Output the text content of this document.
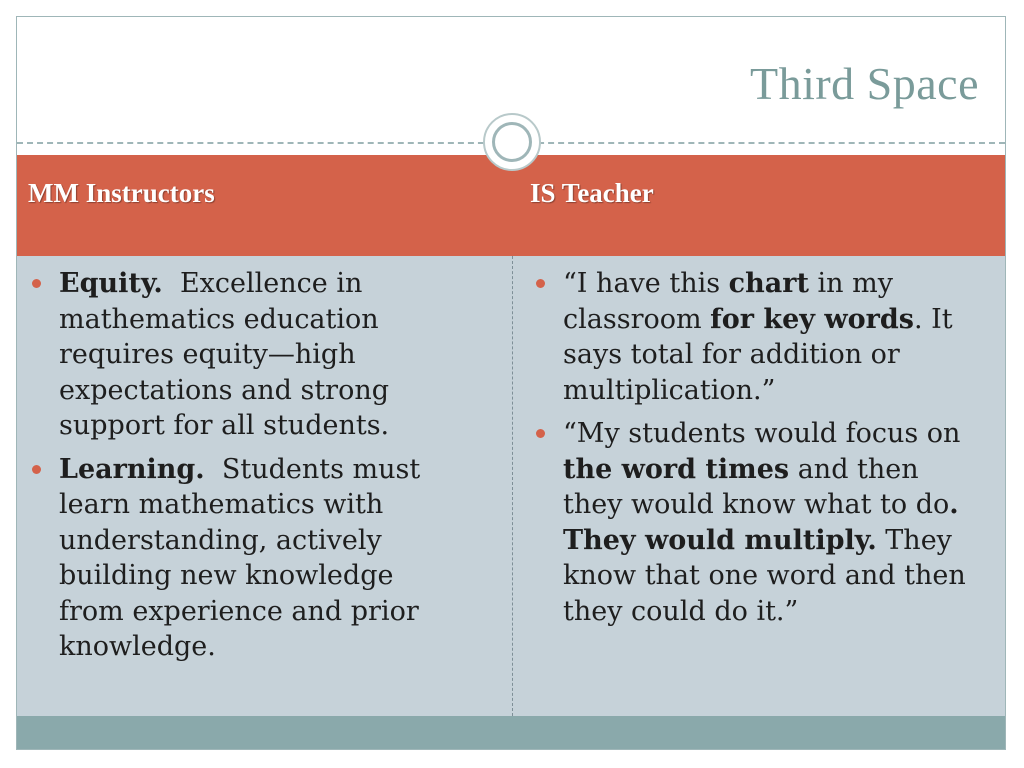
Third Space
MM Instructors	IS Teacher
Equity.  Excellence in mathematics education requires equity—high expectations and strong support for all students.
Learning.  Students must learn mathematics with understanding, actively building new knowledge from experience and prior knowledge.
“I have this chart in my classroom for key words. It says total for addition or multiplication.”
“My students would focus on the word times and then they would know what to do.  They would multiply. They know that one word and then they could do it.”
